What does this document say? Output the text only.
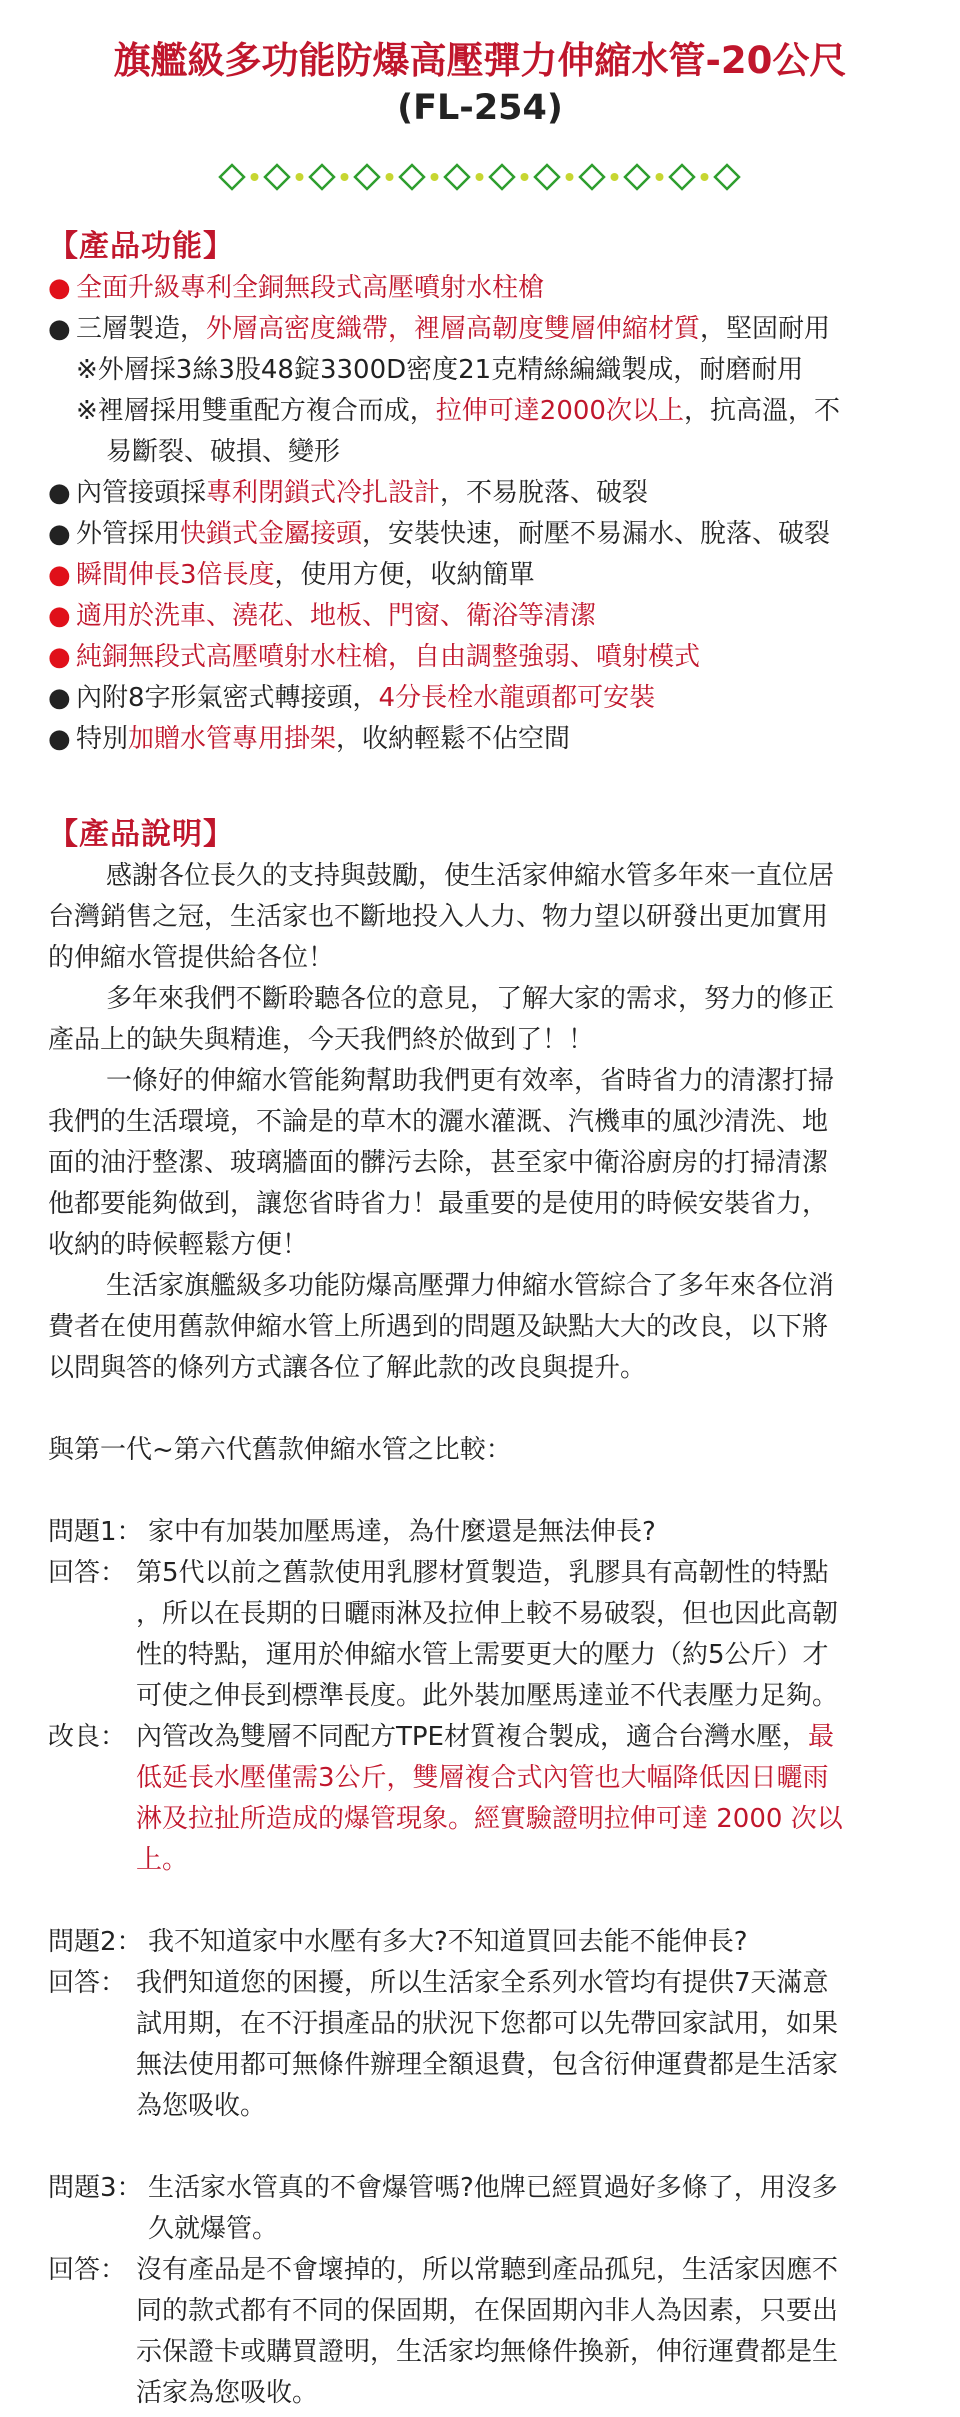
旗艦級多功能防爆高壓彈力伸縮水管-20公尺
(FL-254)

【產品功能】

● 全面升級專利全銅無段式高壓噴射水柱槍

● 三層製造，外層高密度織帶，裡層高韌度雙層伸縮材質，堅固耐用

※外層採3絲3股48錠3300D密度21克精絲編織製成，耐磨耐用

※裡層採用雙重配方複合而成，拉伸可達2000次以上，抗高溫，不

易斷裂、破損、變形

● 內管接頭採專利閉鎖式冷扎設計，不易脫落、破裂

● 外管採用快鎖式金屬接頭，安裝快速，耐壓不易漏水、脫落、破裂

● 瞬間伸長3倍長度，使用方便，收納簡單

● 適用於洗車、澆花、地板、門窗、衛浴等清潔

● 純銅無段式高壓噴射水柱槍，自由調整強弱、噴射模式

● 內附8字形氣密式轉接頭，4分長栓水龍頭都可安裝

● 特別加贈水管專用掛架，收納輕鬆不佔空間

【產品說明】

感謝各位長久的支持與鼓勵，使生活家伸縮水管多年來一直位居
台灣銷售之冠，生活家也不斷地投入人力、物力望以研發出更加實用
的伸縮水管提供給各位！
多年來我們不斷聆聽各位的意見，了解大家的需求，努力的修正
產品上的缺失與精進，今天我們終於做到了！！
一條好的伸縮水管能夠幫助我們更有效率，省時省力的清潔打掃
我們的生活環境，不論是的草木的灑水灌溉、汽機車的風沙清洗、地
面的油汙整潔、玻璃牆面的髒污去除，甚至家中衛浴廚房的打掃清潔
他都要能夠做到，讓您省時省力！最重要的是使用的時候安裝省力，
收納的時候輕鬆方便！
生活家旗艦級多功能防爆高壓彈力伸縮水管綜合了多年來各位消
費者在使用舊款伸縮水管上所遇到的問題及缺點大大的改良，以下將
以問與答的條列方式讓各位了解此款的改良與提升。

與第一代~第六代舊款伸縮水管之比較：

問題1： 家中有加裝加壓馬達，為什麼還是無法伸長?
回答： 第5代以前之舊款使用乳膠材質製造，乳膠具有高韌性的特點
，所以在長期的日曬雨淋及拉伸上較不易破裂，但也因此高韌
性的特點，運用於伸縮水管上需要更大的壓力（約5公斤）才
可使之伸長到標準長度。此外裝加壓馬達並不代表壓力足夠。
改良： 內管改為雙層不同配方TPE材質複合製成，適合台灣水壓，最
低延長水壓僅需3公斤，雙層複合式內管也大幅降低因日曬雨
淋及拉扯所造成的爆管現象。經實驗證明拉伸可達 2000 次以
上。
問題2： 我不知道家中水壓有多大?不知道買回去能不能伸長?
回答： 我們知道您的困擾，所以生活家全系列水管均有提供7天滿意
試用期，在不汙損產品的狀況下您都可以先帶回家試用，如果
無法使用都可無條件辦理全額退費，包含衍伸運費都是生活家
為您吸收。
問題3： 生活家水管真的不會爆管嗎?他牌已經買過好多條了，用沒多
久就爆管。
回答： 沒有產品是不會壞掉的，所以常聽到產品孤兒，生活家因應不
同的款式都有不同的保固期，在保固期內非人為因素，只要出
示保證卡或購買證明，生活家均無條件換新，伸衍運費都是生
活家為您吸收。
